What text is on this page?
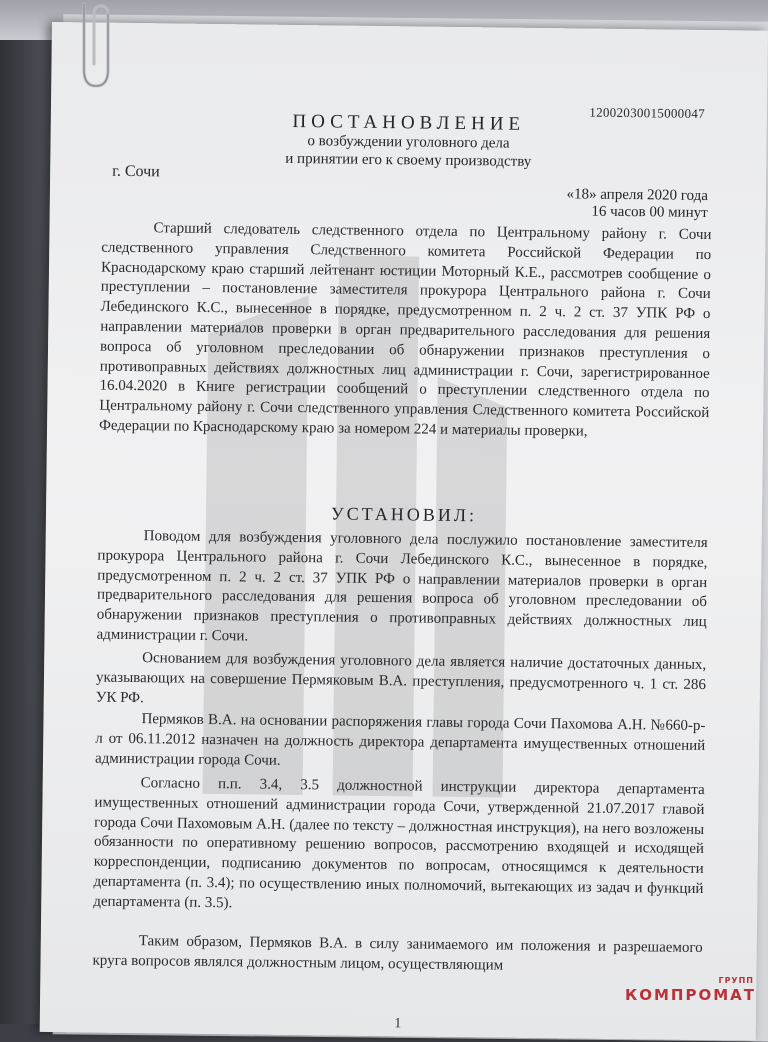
12002030015000047
ПОСТАНОВЛЕНИЕ
о возбуждении уголовного дела
и принятии его к своему производству
г. Сочи
«18» апреля 2020 года
16 часов 00 минут
Старший следователь следственного отдела по Центральному району г. Сочи следственного управления Следственного комитета Российской Федерации по Краснодарскому краю старший лейтенант юстиции Моторный К.Е., рассмотрев сообщение о преступлении – постановление заместителя прокурора Центрального района г. Сочи Лебединского К.С., вынесенное в порядке, предусмотренном п. 2 ч. 2 ст. 37 УПК РФ о направлении материалов проверки в орган предварительного расследования для решения вопроса об уголовном преследовании об обнаружении признаков преступления о противоправных действиях должностных лиц администрации г. Сочи, зарегистрированное 16.04.2020 в Книге регистрации сообщений о преступлении следственного отдела по Центральному району г. Сочи следственного управления Следственного комитета Российской Федерации по Краснодарскому краю за номером 224 и материалы проверки,
УСТАНОВИЛ:
Поводом для возбуждения уголовного дела послужило постановление заместителя прокурора Центрального района г. Сочи Лебединского К.С., вынесенное в порядке, предусмотренном п. 2 ч. 2 ст. 37 УПК РФ о направлении материалов проверки в орган предварительного расследования для решения вопроса об уголовном преследовании об обнаружении признаков преступления о противоправных действиях должностных лиц администрации г. Сочи.
Основанием для возбуждения уголовного дела является наличие достаточных данных, указывающих на совершение Пермяковым В.А. преступления, предусмотренного ч. 1 ст. 286 УК РФ.
Пермяков В.А. на основании распоряжения главы города Сочи Пахомова А.Н. №660-р-л от 06.11.2012 назначен на должность директора департамента имущественных отношений администрации города Сочи.
Согласно п.п. 3.4, 3.5 должностной инструкции директора департамента имущественных отношений администрации города Сочи, утвержденной 21.07.2017 главой города Сочи Пахомовым А.Н. (далее по тексту – должностная инструкция), на него возложены обязанности по оперативному решению вопросов, рассмотрению входящей и исходящей корреспонденции, подписанию документов по вопросам, относящимся к деятельности департамента (п. 3.4); по осуществлению иных полномочий, вытекающих из задач и функций департамента (п. 3.5).
Таким образом, Пермяков В.А. в силу занимаемого им положения и разрешаемого круга вопросов являлся должностным лицом, осуществляющим
1
ГРУПП
КОМПРОМАТ
